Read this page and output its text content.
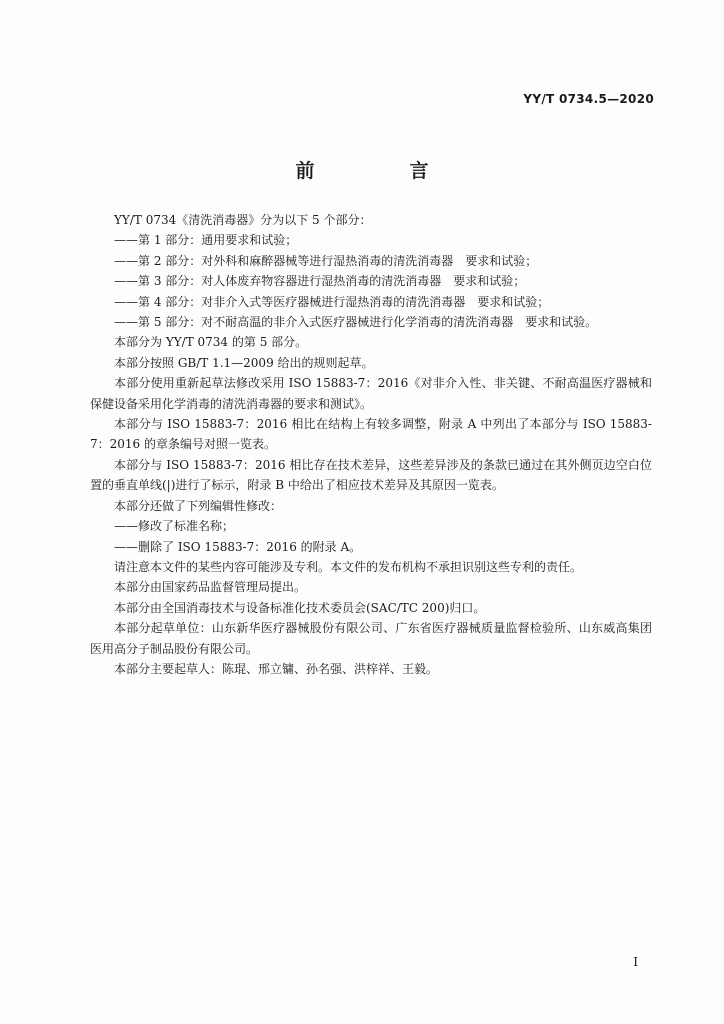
YY/T 0734.5—2020
前　言

YY/T 0734《清洗消毒器》分为以下 5 个部分：

——第 1 部分：通用要求和试验；

——第 2 部分：对外科和麻醉器械等进行湿热消毒的清洗消毒器　要求和试验；

——第 3 部分：对人体废弃物容器进行湿热消毒的清洗消毒器　要求和试验；

——第 4 部分：对非介入式等医疗器械进行湿热消毒的清洗消毒器　要求和试验；

——第 5 部分：对不耐高温的非介入式医疗器械进行化学消毒的清洗消毒器　要求和试验。

本部分为 YY/T 0734 的第 5 部分。

本部分按照 GB/T 1.1—2009 给出的规则起草。

本部分使用重新起草法修改采用 ISO 15883-7：2016《对非介入性、非关键、不耐高温医疗器械和保健设备采用化学消毒的清洗消毒器的要求和测试》。

本部分与 ISO 15883-7：2016 相比在结构上有较多调整，附录 A 中列出了本部分与 ISO 15883-7：2016 的章条编号对照一览表。

本部分与 ISO 15883-7：2016 相比存在技术差异，这些差异涉及的条款已通过在其外侧页边空白位置的垂直单线(|)进行了标示，附录 B 中给出了相应技术差异及其原因一览表。

本部分还做了下列编辑性修改：

——修改了标准名称；

——删除了 ISO 15883-7：2016 的附录 A。

请注意本文件的某些内容可能涉及专利。本文件的发布机构不承担识别这些专利的责任。

本部分由国家药品监督管理局提出。

本部分由全国消毒技术与设备标准化技术委员会(SAC/TC 200)归口。

本部分起草单位：山东新华医疗器械股份有限公司、广东省医疗器械质量监督检验所、山东威高集团医用高分子制品股份有限公司。

本部分主要起草人：陈琨、邢立镛、孙名强、洪梓祥、王毅。

I
